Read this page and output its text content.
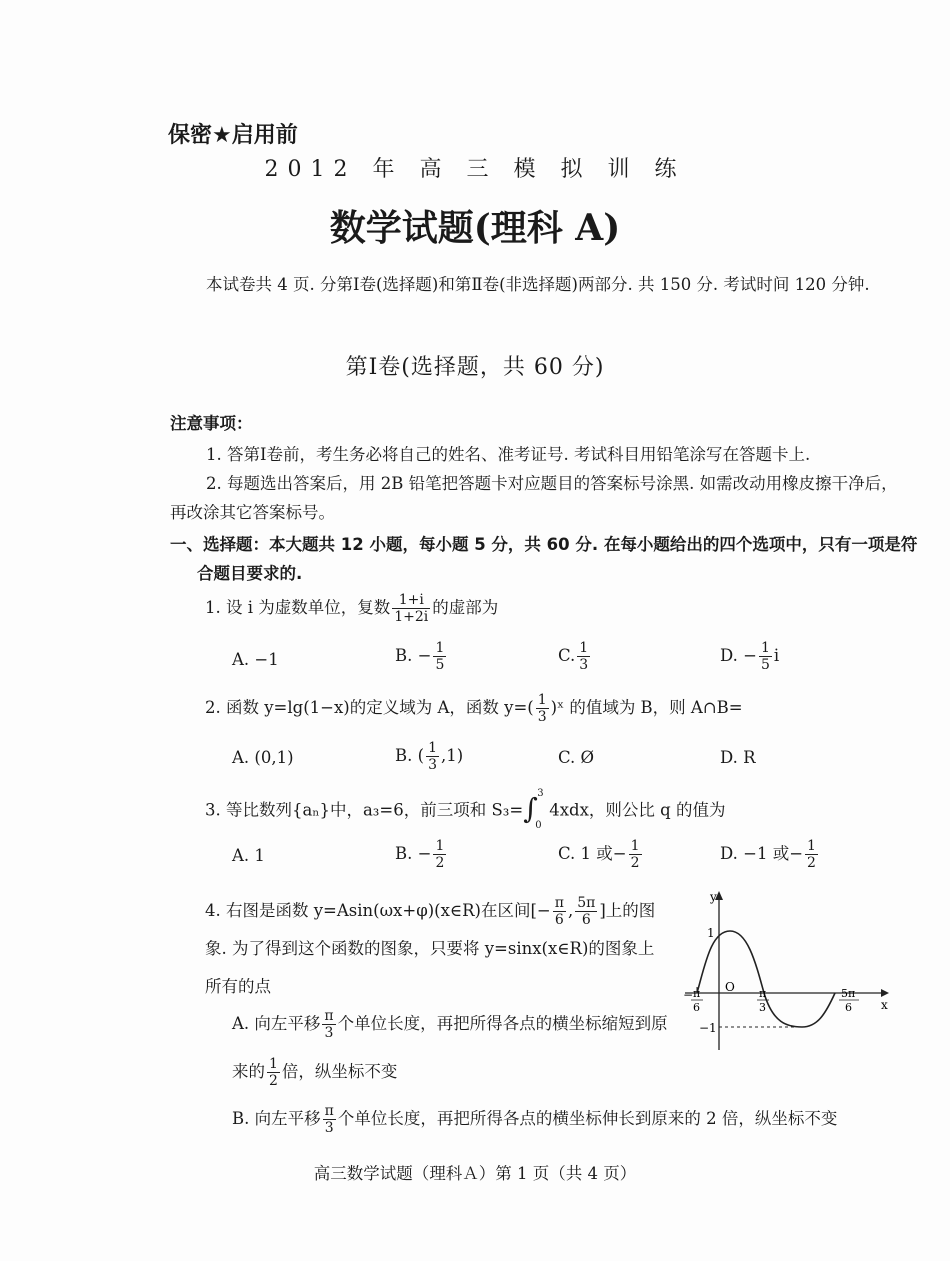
保密★启用前
2012 年 高 三 模 拟 训 练
数学试题(理科 A)
本试卷共 4 页. 分第Ⅰ卷(选择题)和第Ⅱ卷(非选择题)两部分. 共 150 分. 考试时间 120 分钟.
第Ⅰ卷(选择题，共 60 分)
注意事项：
1. 答第Ⅰ卷前，考生务必将自己的姓名、准考证号. 考试科目用铅笔涂写在答题卡上.
2. 每题选出答案后，用 2B 铅笔把答题卡对应题目的答案标号涂黑. 如需改动用橡皮擦干净后，再改涂其它答案标号。
一、选择题：本大题共 12 小题，每小题 5 分，共 60 分. 在每小题给出的四个选项中，只有一项是符合题目要求的.
1. 设 i 为虚数单位，复数 $\frac{1+i}{1+2i}$ 的虚部为
A. −1	B. − $\frac{1}{5}$	C. $\frac{1}{3}$	D. − $\frac{1}{5}$ i
2. 函数 y=lg(1−x)的定义域为 A，函数 $y=( \frac{1}{3}$ )ˣ 的值域为 B，则 A∩B=
A. (0,1)	B. ( $\frac{1}{3} ,1$)	C. Ø	D. R
3. 等比数列{aₙ}中，a₃=6，前三项和 S₃= ∫ 3
0
4xdx，则公比 q 的值为
A. 1	B. − $\frac{1}{2}$	C. 1 或− $\frac{1}{2}$	D. −1 或− $\frac{1}{2}$
4. 右图是函数 y=Asin(ωx+φ)(x∈R)在区间[− $\frac{\pi}{6}$ , $\frac{5\pi}{6}$ ]上的图象. 为了得到这个函数的图象，只要将 y=sinx(x∈R)的图象上所有的点
A. 向左平移 $\frac{\pi}{3}$ 个单位长度，再把所得各点的横坐标缩短到原来的 $\frac{1}{2}$ 倍，纵坐标不变
B. 向左平移 $\frac{\pi}{3}$ 个单位长度，再把所得各点的横坐标伸长到原来的 2 倍，纵坐标不变
y
x
O
1
−1
− π
6
π
3
5π
6
高三数学试题（理科Ａ）第 1 页（共 4 页）
